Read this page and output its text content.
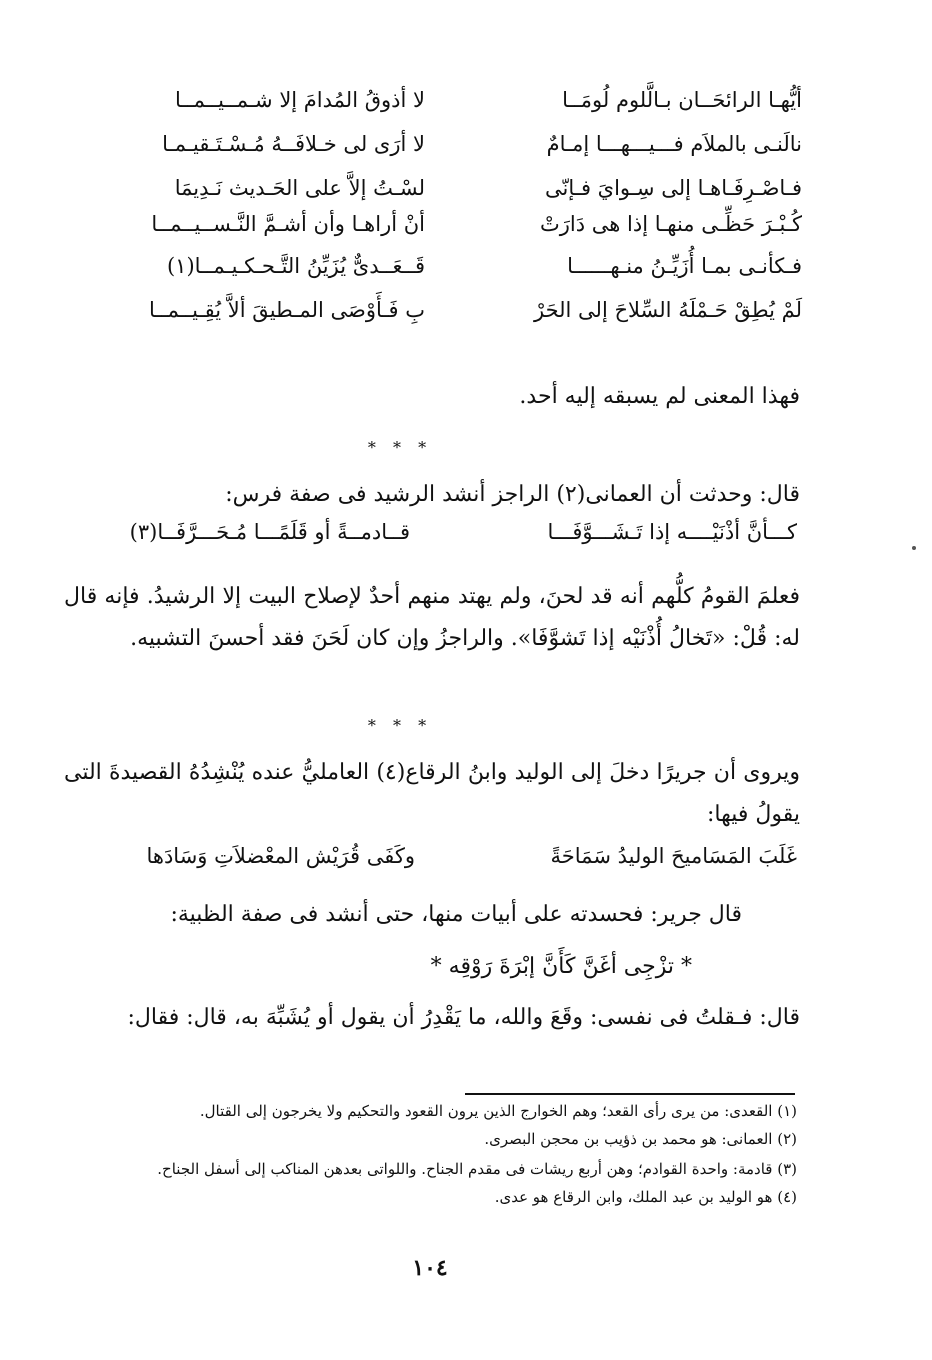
أيُّهـا الرائحَــان بـالَّلوم لُومَــا
لا أذوقُ المُدامَ إلا شـمــيــمــا
نالَنـى بالملاَم فـــيـــهـــا إمـامٌ
لا أرَى لى خـلافَــهُ مُـسْـتَـقيـمـا
فـاصْـرِفَـاهـا إلى سِـوايَ فـإنّى
لسْـتُ إلاَّ على الحَـديث نَـدِيمَا
كُـبْـرَ حَظِّـى منهـا إذا هى دَارَتْ
أنْ أراهـا وأن أشـمَّ النَّـســيــمــا
فـكأنـى بمـا أُزَيِّـنُ منـهــــــا
قَــعَــدىٌّ يُزَيِّنُ التَّـحـكـيـمــا(١)
لَمْ يُطِقْ حَـمْلَهُ السِّلاحَ إلى الحَرْ
بِ فَـأَوْصَى المـطيقَ ألاَّ يُقِـيــمــا
فهذا المعنى لم يسبقه إليه أحد.
* * *
قال: وحدثت أن العمانى(٢) الراجز أنشد الرشيد فى صفة فرس:
كـــأنَّ أذْنَيْــــه إذا تَـشَـــوَّفَـــا
قــادمــةً أو قَلَمًـــا مُـحَـــرَّفَــا(٣)
فعلمَ القومُ كلُّهم أنه قد لحنَ، ولم يهتد منهم أحدٌ لإصلاح البيت إلا الرشيدُ. فإنه قال له: قُلْ: «تَخالُ أُذْنَيْه إذا تَشوَّفَا». والراجزُ وإن كان لَحَنَ فقد أحسنَ التشبيه.
* * *
ويروى أن جريرًا دخلَ إلى الوليد وابنُ الرقاع(٤) العامليُّ عنده يُنْشِدُهُ القصيدةَ التى يقولُ فيها:
غَلَبَ المَسَاميحَ الوليدُ سَمَاحَةً
وكَفَى قُرَيْش المعْضلاَتِ وَسَادَها
قال جرير: فحسدته على أبيات منها، حتى أنشد فى صفة الظبية:
* تزْجِى أغَنَّ كَأَنَّ إبْرَةَ رَوْقِه *
قال: فـقلتُ فى نفسى: وقَعَ والله، ما يَقْدِرُ أن يقول أو يُشَبِّهَ به، قال: فقال:
(١) القعدى: من يرى رأى القعد؛ وهم الخوارج الذين يرون القعود والتحكيم ولا يخرجون إلى القتال.
(٢) العمانى: هو محمد بن ذؤيب بن محجن البصرى.
(٣) قادمة: واحدة القوادم؛ وهن أربع ريشات فى مقدم الجناح. واللواتى بعدهن المناكب إلى أسفل الجناح.
(٤) هو الوليد بن عبد الملك، وابن الرقاع هو عدى.
١٠٤
